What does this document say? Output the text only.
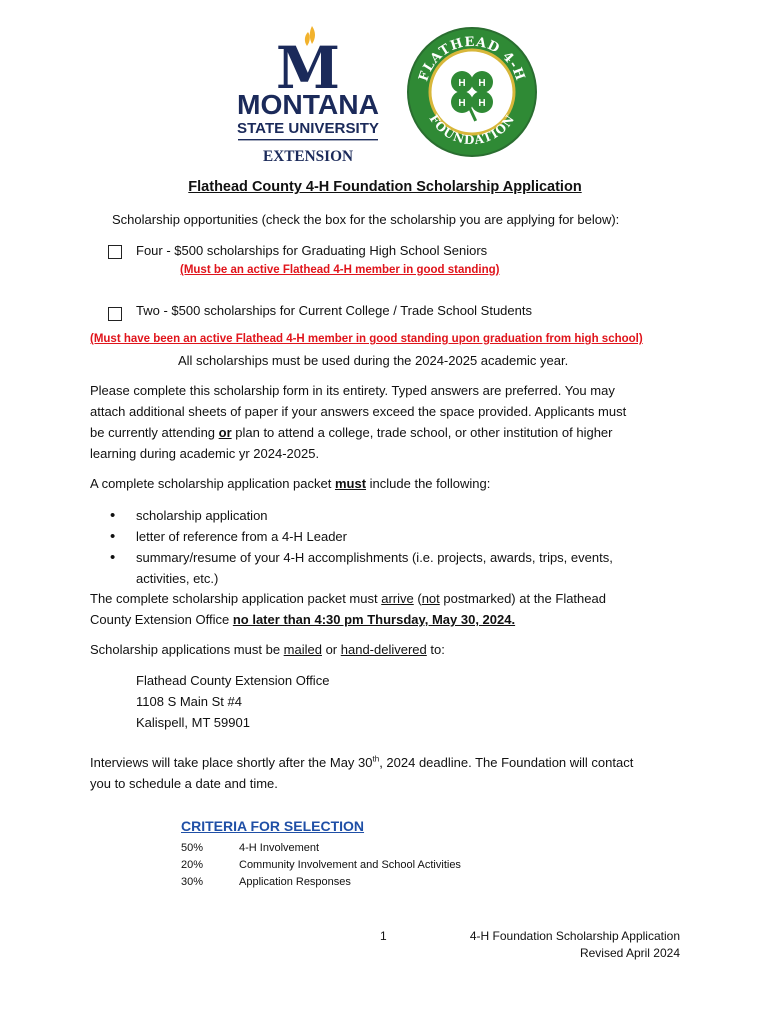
M
MONTANA
STATE UNIVERSITY
EXTENSION
FLATHEAD 4-H
FOUNDATION
H H
H H
Flathead County 4-H Foundation Scholarship Application
Scholarship opportunities (check the box for the scholarship you are applying for below):
Four - $500 scholarships for Graduating High School Seniors
(Must be an active Flathead 4-H member in good standing)
Two - $500 scholarships for Current College / Trade School Students
(Must have been an active Flathead 4-H member in good standing upon graduation from high school)
All scholarships must be used during the 2024-2025 academic year.
Please complete this scholarship form in its entirety. Typed answers are preferred. You may
attach additional sheets of paper if your answers exceed the space provided. Applicants must
be currently attending or plan to attend a college, trade school, or other institution of higher
learning during academic yr 2024-2025.
A complete scholarship application packet must include the following:
• scholarship application
• letter of reference from a 4-H Leader
• summary/resume of your 4-H accomplishments (i.e. projects, awards, trips, events,
activities, etc.)
The complete scholarship application packet must arrive (not postmarked) at the Flathead
County Extension Office no later than 4:30 pm Thursday, May 30, 2024.
Scholarship applications must be mailed or hand-delivered to:
Flathead County Extension Office
1108 S Main St #4
Kalispell, MT 59901
Interviews will take place shortly after the May 30th, 2024 deadline. The Foundation will contact
you to schedule a date and time.
CRITERIA FOR SELECTION
50%	4-H Involvement
20%	Community Involvement and School Activities
30%	Application Responses
1	4-H Foundation Scholarship Application
Revised April 2024
